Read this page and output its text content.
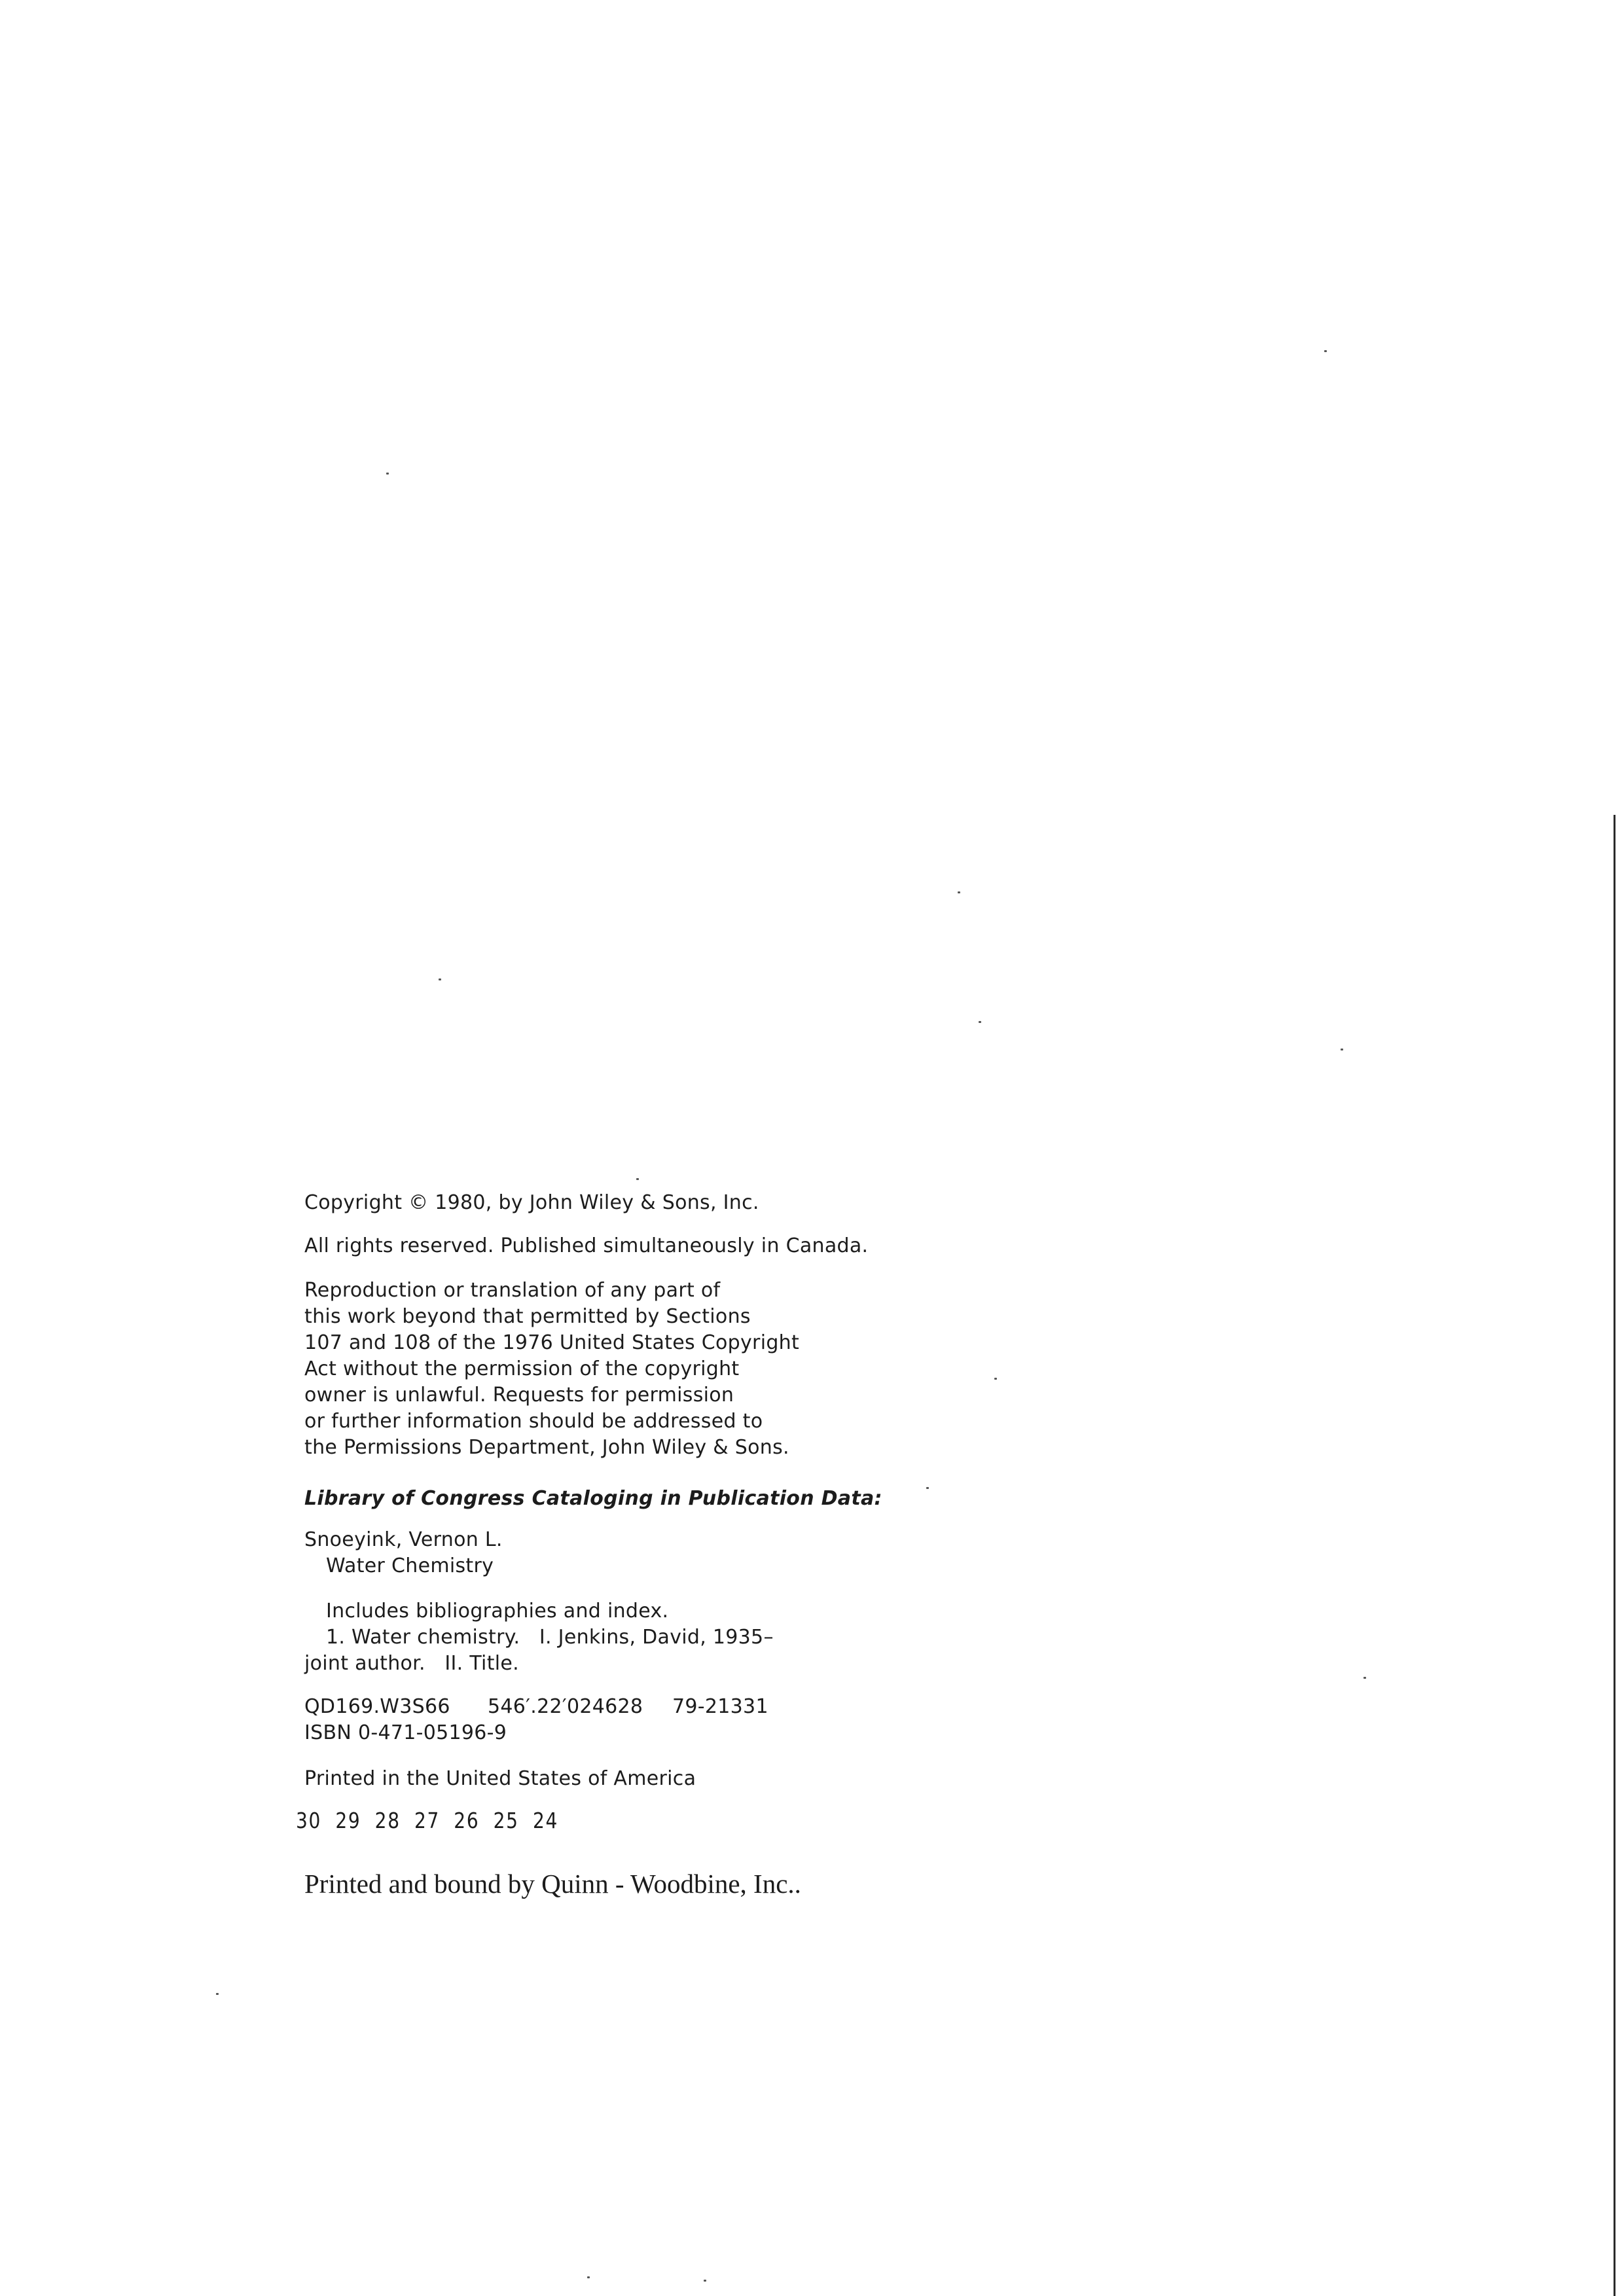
Copyright © 1980, by John Wiley & Sons, Inc.
All rights reserved. Published simultaneously in Canada.
Reproduction or translation of any part of
this work beyond that permitted by Sections
107 and 108 of the 1976 United States Copyright
Act without the permission of the copyright
owner is unlawful. Requests for permission
or further information should be addressed to
the Permissions Department, John Wiley & Sons.
Library of Congress Cataloging in Publication Data:
Snoeyink, Vernon L.
Water Chemistry
Includes bibliographies and index.
1. Water chemistry.   I. Jenkins, David, 1935–
joint author.   II. Title.
QD169.W3S66	546′.22′024628	79-21331
ISBN 0-471-05196-9
Printed in the United States of America
30  29  28  27  26  25  24
Printed and bound by Quinn - Woodbine, Inc..
